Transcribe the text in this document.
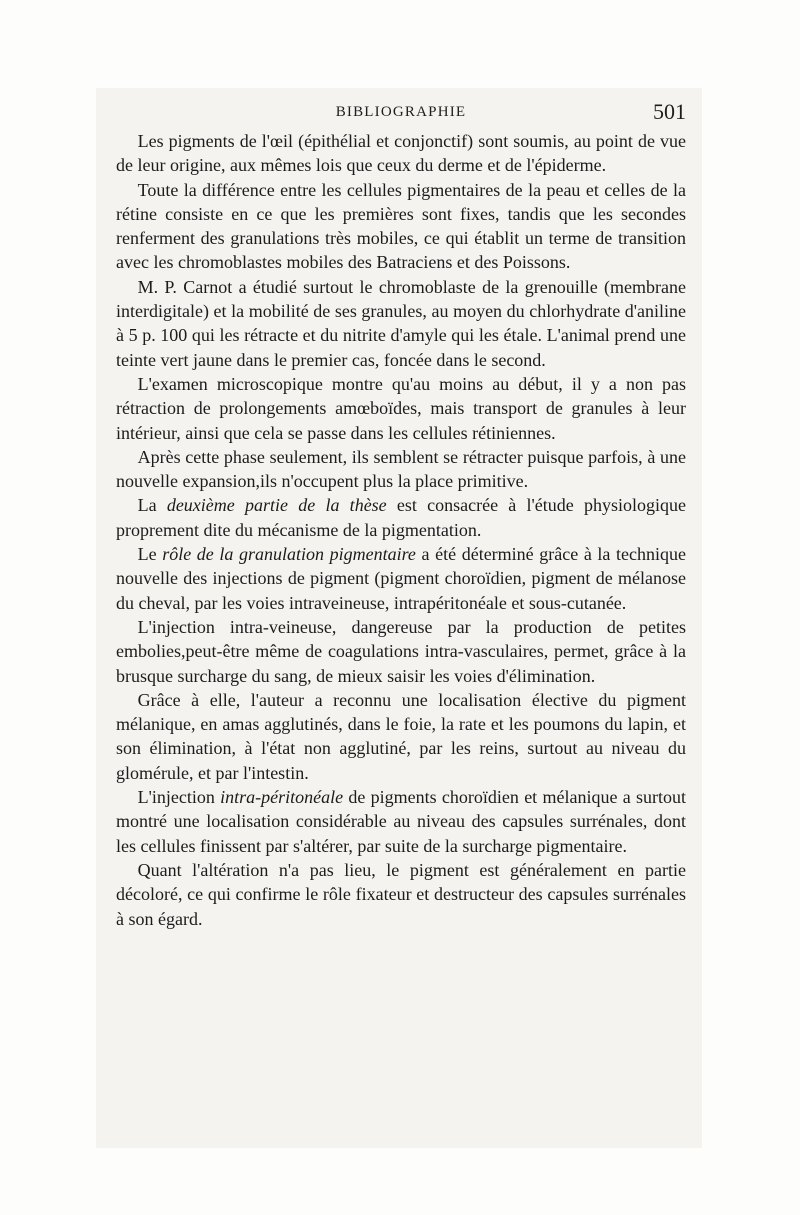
BIBLIOGRAPHIE	501

Les pigments de l'œil (épithélial et conjonctif) sont soumis, au point de vue de leur origine, aux mêmes lois que ceux du derme et de l'épiderme.

Toute la différence entre les cellules pigmentaires de la peau et celles de la rétine consiste en ce que les premières sont fixes, tandis que les secondes renferment des granulations très mobiles, ce qui établit un terme de transition avec les chromoblastes mobiles des Batraciens et des Poissons.

M. P. Carnot a étudié surtout le chromoblaste de la grenouille (membrane interdigitale) et la mobilité de ses granules, au moyen du chlorhydrate d'aniline à 5 p. 100 qui les rétracte et du nitrite d'amyle qui les étale. L'animal prend une teinte vert jaune dans le premier cas, foncée dans le second.

L'examen microscopique montre qu'au moins au début, il y a non pas rétraction de prolongements amœboïdes, mais transport de granules à leur intérieur, ainsi que cela se passe dans les cellules rétiniennes.

Après cette phase seulement, ils semblent se rétracter puisque parfois, à une nouvelle expansion,ils n'occupent plus la place primitive.

La deuxième partie de la thèse est consacrée à l'étude physiologique proprement dite du mécanisme de la pigmentation.

Le rôle de la granulation pigmentaire a été déterminé grâce à la technique nouvelle des injections de pigment (pigment choroïdien, pigment de mélanose du cheval, par les voies intraveineuse, intrapéritonéale et sous-cutanée.

L'injection intra-veineuse, dangereuse par la production de petites embolies,peut-être même de coagulations intra-vasculaires, permet, grâce à la brusque surcharge du sang, de mieux saisir les voies d'élimination.

Grâce à elle, l'auteur a reconnu une localisation élective du pigment mélanique, en amas agglutinés, dans le foie, la rate et les poumons du lapin, et son élimination, à l'état non agglutiné, par les reins, surtout au niveau du glomérule, et par l'intestin.

L'injection intra-péritonéale de pigments choroïdien et mélanique a surtout montré une localisation considérable au niveau des capsules surrénales, dont les cellules finissent par s'altérer, par suite de la surcharge pigmentaire.

Quant l'altération n'a pas lieu, le pigment est généralement en partie décoloré, ce qui confirme le rôle fixateur et destructeur des capsules surrénales à son égard.
